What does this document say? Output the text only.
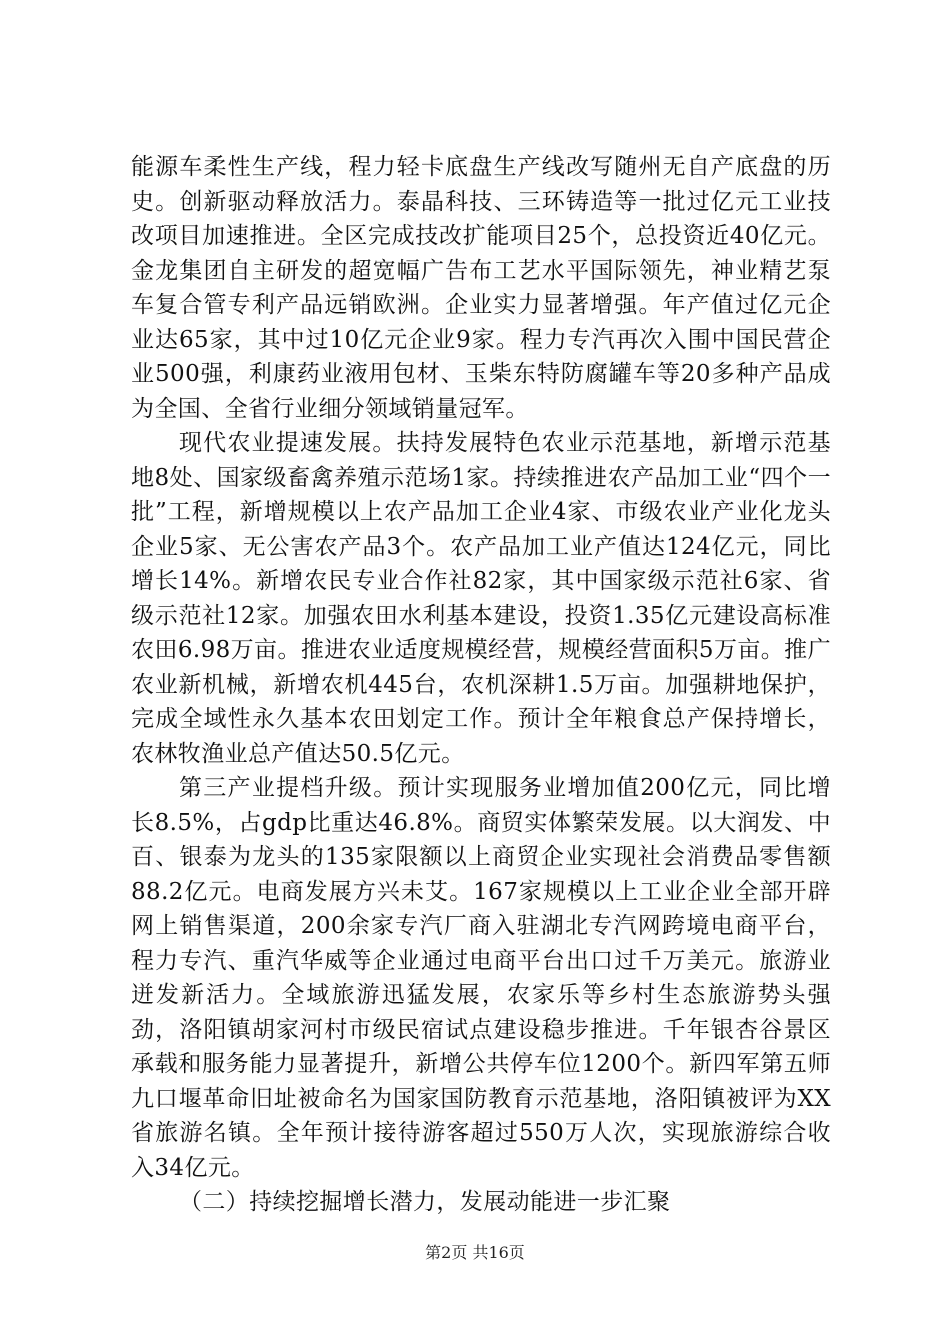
能源车柔性生产线，程力轻卡底盘生产线改写随州无自产底盘的历史。创新驱动释放活力。泰晶科技、三环铸造等一批过亿元工业技改项目加速推进。全区完成技改扩能项目25个，总投资近40亿元。金龙集团自主研发的超宽幅广告布工艺水平国际领先，神业精艺泵车复合管专利产品远销欧洲。企业实力显著增强。年产值过亿元企业达65家，其中过10亿元企业9家。程力专汽再次入围中国民营企业500强，利康药业液用包材、玉柴东特防腐罐车等20多种产品成为全国、全省行业细分领域销量冠军。

现代农业提速发展。扶持发展特色农业示范基地，新增示范基地8处、国家级畜禽养殖示范场1家。持续推进农产品加工业“四个一批”工程，新增规模以上农产品加工企业4家、市级农业产业化龙头企业5家、无公害农产品3个。农产品加工业产值达124亿元，同比增长14%。新增农民专业合作社82家，其中国家级示范社6家、省级示范社12家。加强农田水利基本建设，投资1.35亿元建设高标准农田6.98万亩。推进农业适度规模经营，规模经营面积5万亩。推广农业新机械，新增农机445台，农机深耕1.5万亩。加强耕地保护，完成全域性永久基本农田划定工作。预计全年粮食总产保持增长，农林牧渔业总产值达50.5亿元。

第三产业提档升级。预计实现服务业增加值200亿元，同比增长8.5%，占gdp比重达46.8%。商贸实体繁荣发展。以大润发、中百、银泰为龙头的135家限额以上商贸企业实现社会消费品零售额88.2亿元。电商发展方兴未艾。167家规模以上工业企业全部开辟网上销售渠道，200余家专汽厂商入驻湖北专汽网跨境电商平台，程力专汽、重汽华威等企业通过电商平台出口过千万美元。旅游业迸发新活力。全域旅游迅猛发展，农家乐等乡村生态旅游势头强劲，洛阳镇胡家河村市级民宿试点建设稳步推进。千年银杏谷景区承载和服务能力显著提升，新增公共停车位1200个。新四军第五师九口堰革命旧址被命名为国家国防教育示范基地，洛阳镇被评为XX省旅游名镇。全年预计接待游客超过550万人次，实现旅游综合收入34亿元。

（二）持续挖掘增长潜力，发展动能进一步汇聚

第2页 共16页
